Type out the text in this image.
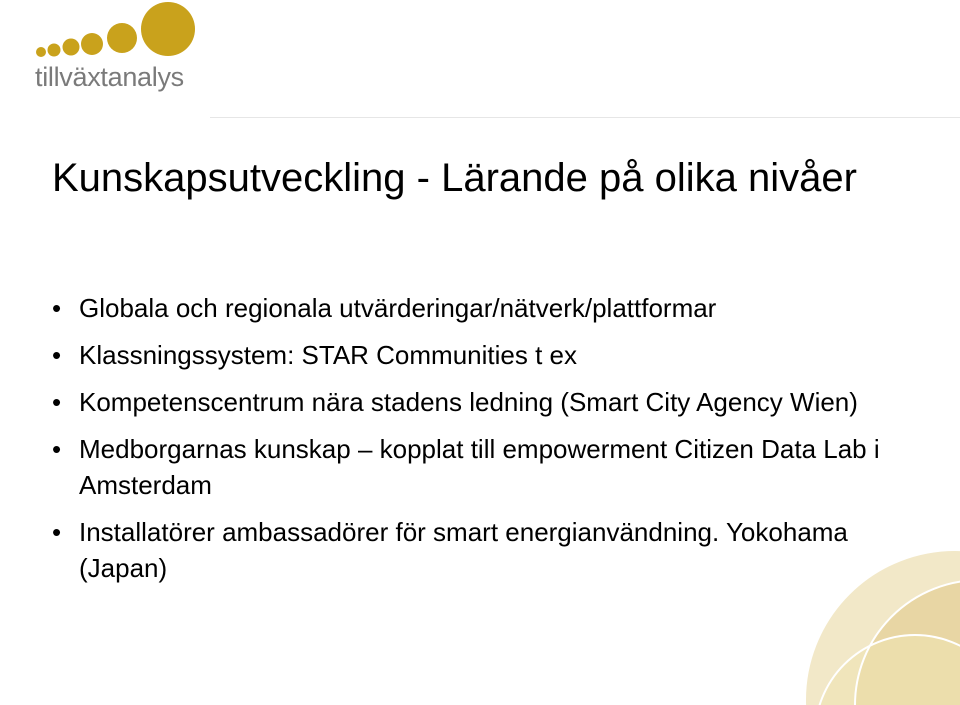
tillväxtanalys
Kunskapsutveckling - Lärande på olika nivåer
• Globala och regionala utvärderingar/nätverk/plattformar
• Klassningssystem: STAR Communities t ex
• Kompetenscentrum nära stadens ledning (Smart City Agency Wien)
• Medborgarnas kunskap – kopplat till empowerment Citizen Data Lab i Amsterdam
• Installatörer ambassadörer för smart energianvändning. Yokohama (Japan)
